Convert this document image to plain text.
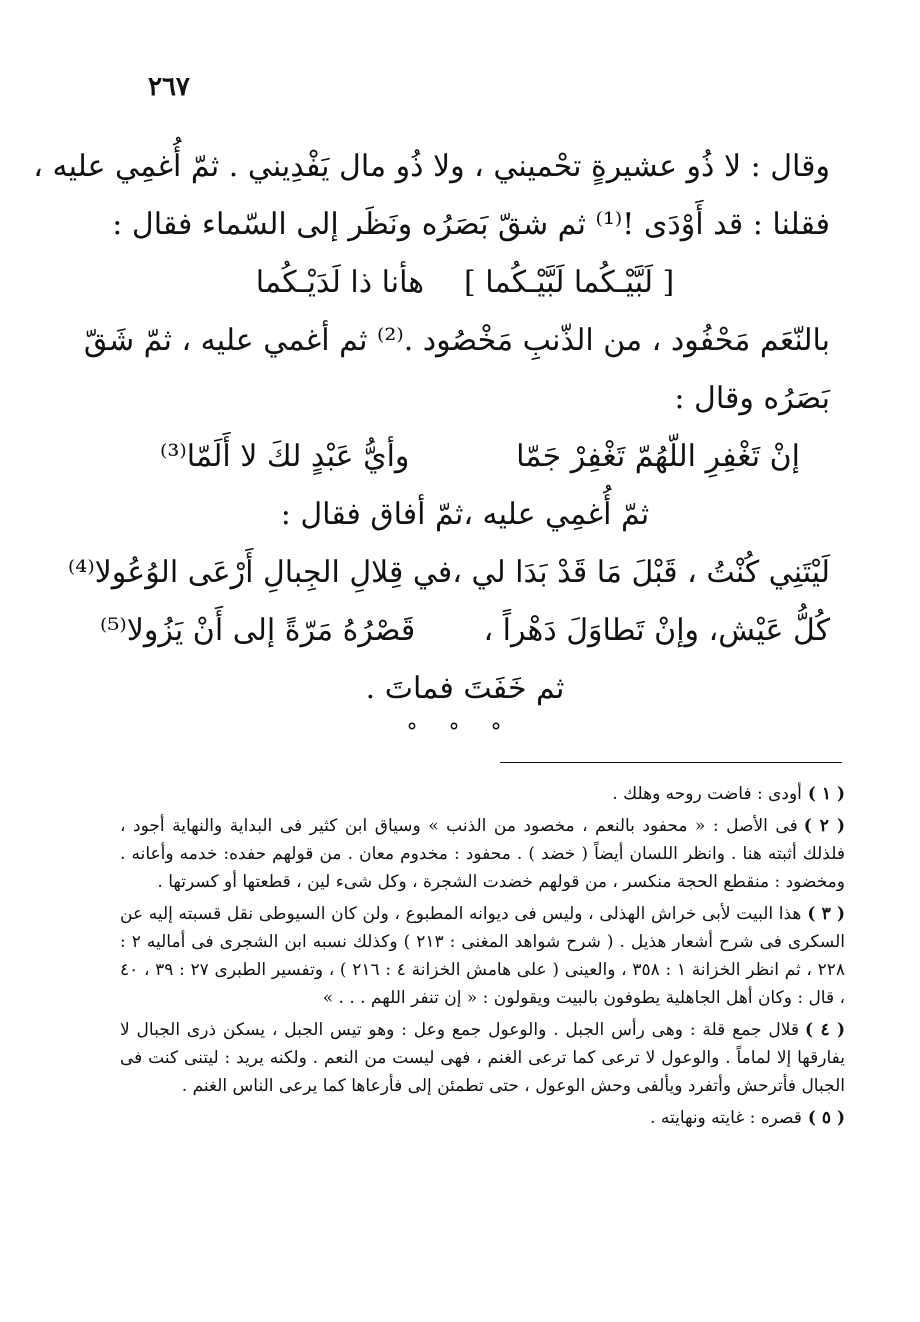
٢٦٧
وقال : لا ذُو عشيرةٍ تحْميني ، ولا ذُو مال يَفْدِيني . ثمّ أُغمِي عليه ،
فقلنا : قد أَوْدَى !⁽¹⁾ ثم شقّ بَصَرُه ونَظَر إلى السّماء فقال :
[ لَبَّيْـكُما لَبَّيْـكُما ]
هأنا ذا لَدَيْـكُما
بالنّعَم مَحْفُود ، من الذّنبِ مَخْصُود .⁽²⁾ ثم أغمي عليه ، ثمّ شَقّ
بَصَرُه وقال :
إنْ تَغْفِرِ اللّهُمّ تَغْفِرْ جَمّا
وأيُّ عَبْدٍ لكَ لا أَلَمّا⁽³⁾
ثمّ أُغمِي عليه ،ثمّ أفاق فقال :
لَيْتَنِي كُنْتُ ، قَبْلَ مَا قَدْ بَدَا لي ،
في قِلالِ الجِبالِ أَرْعَى الوُعُولا⁽⁴⁾
كُلُّ عَيْش، وإنْ تَطاوَلَ دَهْراً ،
قَصْرُهُ مَرّةً إلى أَنْ يَزُولا⁽⁵⁾
ثم خَفَتَ فماتَ .
° ° °
( ١ )أودى : فاضت روحه وهلك .
( ٢ )فى الأصل : « محفود بالنعم ، مخصود من الذنب » وسياق ابن كثير فى البداية والنهاية أجود ، فلذلك أثبته هنا . وانظر اللسان أيضاً ( خضد ) . محفود : مخدوم معان . من قولهم حفده: خدمه وأعانه . ومخضود : منقطع الحجة منكسر ، من قولهم خضدت الشجرة ، وكل شىء لين ، قطعتها أو كسرتها .
( ٣ )هذا البيت لأبى خراش الهذلى ، وليس فى ديوانه المطبوع ، ولن كان السيوطى نقل قسبته إليه عن السكرى فى شرح أشعار هذيل . ( شرح شواهد المغنى : ٢١٣ ) وكذلك نسبه ابن الشجرى فى أماليه ٢ : ٢٢٨ ، ثم انظر الخزانة ١ : ٣٥٨ ، والعينى ( على هامش الخزانة ٤ : ٢١٦ ) ، وتفسير الطبرى ٢٧ : ٣٩ ، ٤٠ ، قال : وكان أهل الجاهلية يطوفون بالبيت ويقولون : « إن تنفر اللهم . . . »
( ٤ )قلال جمع قلة : وهى رأس الجبل . والوعول جمع وعل : وهو تيس الجبل ، يسكن ذرى الجبال لا يفارقها إلا لماماً . والوعول لا ترعى كما ترعى الغنم ، فهى ليست من النعم . ولكنه يريد : ليتنى كنت فى الجبال فأترحش وأتفرد ويألفى وحش الوعول ، حتى تطمئن إلى فأرعاها كما يرعى الناس الغنم .
( ٥ )قصره : غايته ونهايته .
